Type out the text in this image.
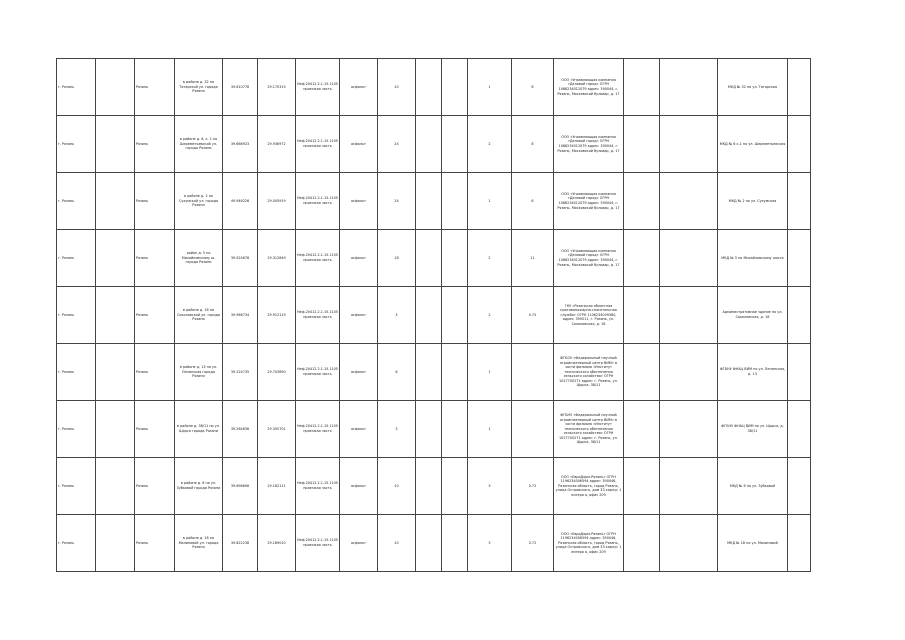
г. Рязань		Рязань	в районе д. 32 по Татарской ул. города Рязани	39.610778	29.170315	Неф.20412.2.1.15.1105 проезжая часть	асфальт	10			1	8	ООО «Управляющая компания «Деловой город» ОГРН 1086234012079 адрес: 390044, г. Рязань, Московский бульвар, д. 17			МКД № 32 по ул. Татарская	
г. Рязань		Рязань	в районе д. 6, к. 1 по Шереметьевской ул. города Рязани	39.666923	29.936972	Неф.20412.2.1.15.1105 проезжая часть	асфальт	24			2	8	ООО «Управляющая компания «Деловой город» ОГРН 1086234012079 адрес: 390044, г. Рязань, Московский бульвар, д. 17			МКД № 6 к.1 по ул. Шереметьевская	
г. Рязань		Рязань	в районе д. 2 по Сухумской ул. города Рязани	49.946226	29.045919	Неф.20412.2.1.15.1105 проезжая часть	асфальт	24			1	6	ООО «Управляющая компания «Деловой город» ОГРН 1086234012079 адрес: 390044, г. Рязань, Московский бульвар, д. 17			МКД № 2 по ул. Сухумская	
г. Рязань		Рязань	район д. 5 по Михайловскому ш. города Рязани	39.924678	29.312849	Неф.20412.2.1.15.1105 проезжая часть	асфальт	18			2	11	ООО «Управляющая компания «Деловой город» ОГРН 1086234012079 адрес: 390044, г. Рязань, Московский бульвар, д. 17			МКД № 5 по Михайловскому шоссе	
г. Рязань		Рязань	в районе д. 18 по Соколовской ул. города Рязани	39.966734	29.912119	Неф.20412.2.1.15.1105 проезжая часть	асфальт	3			2	0.75	ГКУ «Рязанская областная противопожарно-спасательная служба» ОГРН 1106234009380, адрес: 390011, г. Рязань, ул. Соколовская, д. 18			Административное здание по ул. Соколовская, д. 18	
г. Рязань		Рязань	в районе д. 13 по ул. Ленинская города Рязани	39.224735	29.703690	Неф.20412.2.1.15.1105 проезжая часть	асфальт	6			1		ФГБОУ «Федеральный научный агроинженерный центр ВИМ» в части филиала «Институт технического обеспечения сельского хозяйства» ОГРН 1027700271 адрес: г. Рязань, ул. Щорса, 38/11			ФГБНУ ФНАЦ ВИМ по ул. Ленинская, д. 13	
г. Рязань		Рязань	в районе д. 38/11 по ул. Щорса города Рязани	39.264636	29.305701	Неф.20412.2.1.15.1105 проезжая часть	асфальт	3			1		ФГБНУ «Федеральный научный агроинженерный центр ВИМ» в части филиала «Институт технического обеспечения сельского хозяйства» ОГРН 1027700271 адрес: г. Рязань, ул. Щорса, 38/11			ФГБНУ ФНАЦ ВИМ по ул. Щорса, д. 38/11	
г. Рязань		Рязань	в районе д. 6 по ул. Зубковой города Рязани	39.696606	29.162111	Неф.20412.2.1.15.1105 проезжая часть	асфальт	10			3	0.72	ООО «ЕвроДорм-Рязань» ОГРН 1196234006594 адрес: 390046, Рязанская область, город Рязань, улица Островского, дом 33 корпус 1 литера а, офис 209			МКД № 6 по ул. Зубковой	
г. Рязань		Рязань	в районе д. 18 по Малиновой ул. города Рязани	39.822238	29.169010	Неф.20412.2.1.15.1105 проезжая часть	асфальт	10			3	0.72	ООО «ЕвроДорм-Рязань» ОГРН 1196234006594 адрес: 390046, Рязанская область, город Рязань, улица Островского, дом 33 корпус 1 литера а, офис 209			МКД № 18 по ул. Малиновой	
